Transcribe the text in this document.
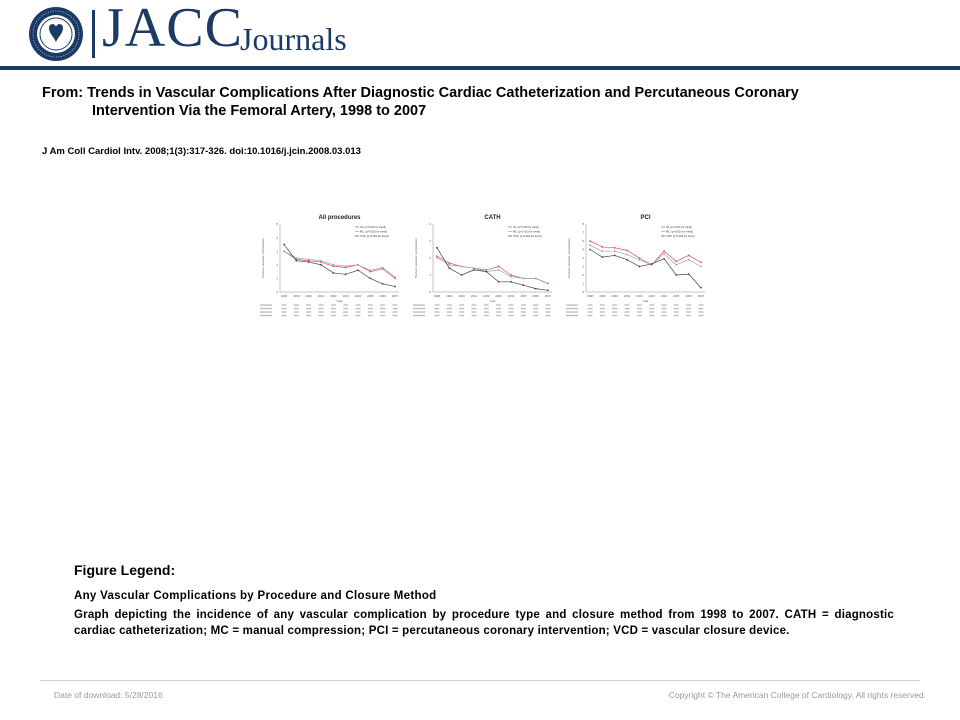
JACC
Journals
From: Trends in Vascular Complications After Diagnostic Cardiac Catheterization and Percutaneous Coronary
Intervention Via the Femoral Artery, 1998 to 2007
J Am Coll Cardiol Intv. 2008;1(3):317-326. doi:10.1016/j.jcin.2008.03.013
All procedures
0
1
2
3
4
5
Percent vascular complication
1998 1999 2000 2001 2002 2003 2004 2005 2006 2007
Year
All: (p<0.001 for trend)
MC: (p<0.001 for trend)
VCD: (p<0.001 for trend)
CATH
0
1
2
3
4
Percent vascular complication
1998 1999 2000 2001 2002 2003 2004 2005 2006 2007
Year
All: (p<0.001 for trend)
MC: (p<0.001 for trend)
VCD: (p<0.001 for trend)
PCI
0
1
2
3
4
5
6
7
8
Percent vascular complication
1998 1999 2000 2001 2002 2003 2004 2005 2006 2007
Year
All: (p<0.001 for trend)
MC: (p<0.001 for trend)
VCD: (p<0.001 for trend)
Figure Legend:
Any Vascular Complications by Procedure and Closure Method
Graph depicting the incidence of any vascular complication by procedure type and closure method from 1998 to 2007. CATH = diagnostic cardiac catheterization; MC = manual compression; PCI = percutaneous coronary intervention; VCD = vascular closure device.
Date of download: 5/28/2016	Copyright © The American College of Cardiology. All rights reserved.
